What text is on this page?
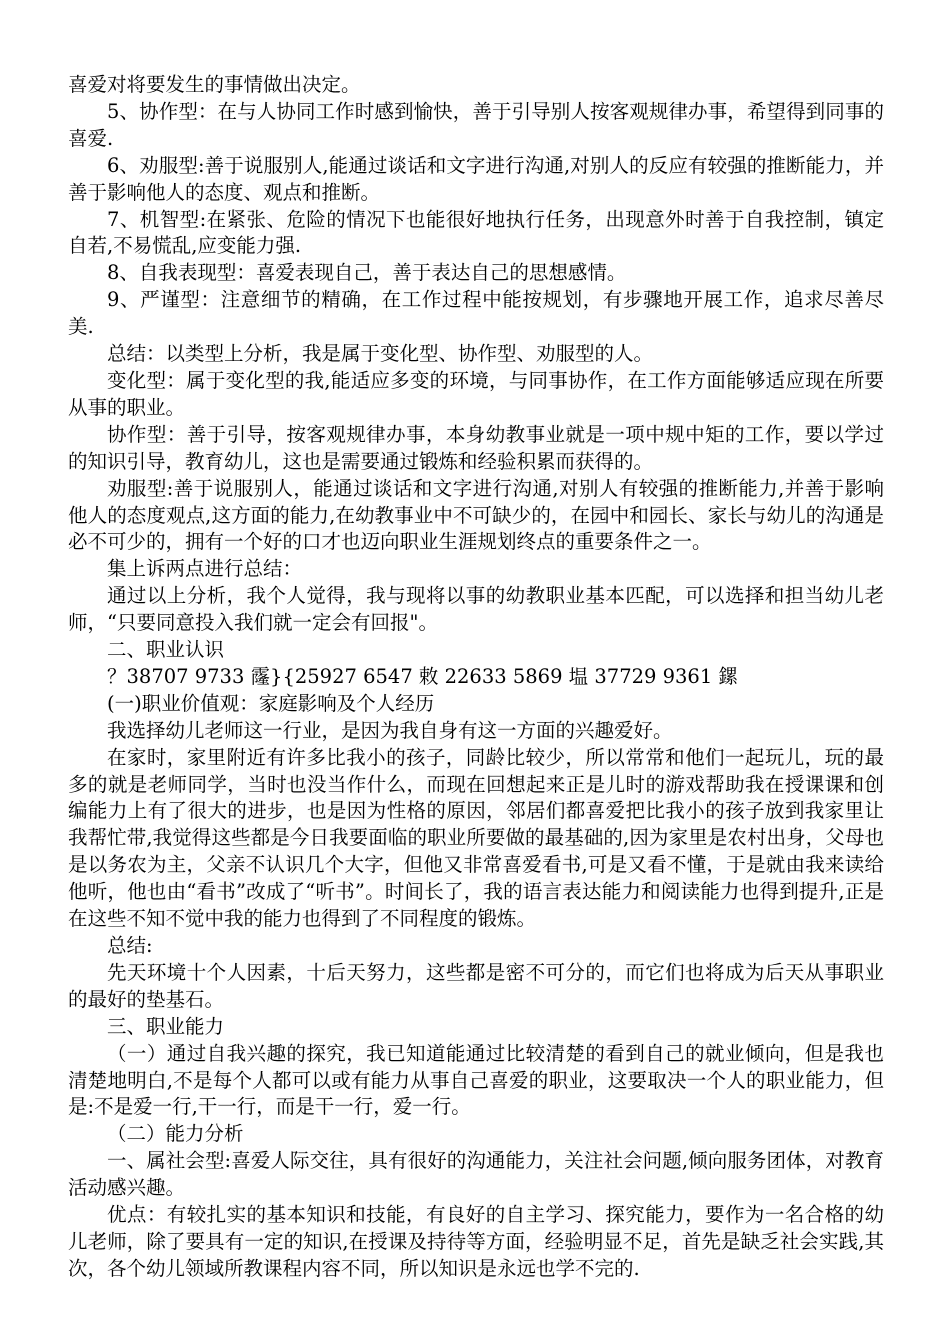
喜爱对将要发生的事情做出决定。

5、协作型：在与人协同工作时感到愉快，善于引导别人按客观规律办事，希望得到同事的喜爱.

6、劝服型:善于说服别人,能通过谈话和文字进行沟通,对别人的反应有较强的推断能力，并善于影响他人的态度、观点和推断。

7、机智型:在紧张、危险的情况下也能很好地执行任务，出现意外时善于自我控制，镇定自若,不易慌乱,应变能力强.

8、自我表现型：喜爱表现自己，善于表达自己的思想感情。

9、严谨型：注意细节的精确，在工作过程中能按规划，有步骤地开展工作，追求尽善尽美.

总结：以类型上分析，我是属于变化型、协作型、劝服型的人。

变化型：属于变化型的我,能适应多变的环境，与同事协作，在工作方面能够适应现在所要从事的职业。

协作型：善于引导，按客观规律办事，本身幼教事业就是一项中规中矩的工作，要以学过的知识引导，教育幼儿，这也是需要通过锻炼和经验积累而获得的。

劝服型:善于说服别人，能通过谈话和文字进行沟通,对别人有较强的推断能力,并善于影响他人的态度观点,这方面的能力,在幼教事业中不可缺少的，在园中和园长、家长与幼儿的沟通是必不可少的，拥有一个好的口才也迈向职业生涯规划终点的重要条件之一。

集上诉两点进行总结：

通过以上分析，我个人觉得，我与现将以事的幼教职业基本匹配，可以选择和担当幼儿老师，“只要同意投入我们就一定会有回报"。

二、职业认识

？38707 9733 霳}{25927 6547 敕 22633 5869 塭 37729 9361 鏍

(一)职业价值观：家庭影响及个人经历

我选择幼儿老师这一行业，是因为我自身有这一方面的兴趣爱好。

在家时，家里附近有许多比我小的孩子，同龄比较少，所以常常和他们一起玩儿，玩的最多的就是老师同学，当时也没当作什么，而现在回想起来正是儿时的游戏帮助我在授课课和创编能力上有了很大的进步，也是因为性格的原因，邻居们都喜爱把比我小的孩子放到我家里让我帮忙带,我觉得这些都是今日我要面临的职业所要做的最基础的,因为家里是农村出身，父母也是以务农为主，父亲不认识几个大字，但他又非常喜爱看书,可是又看不懂，于是就由我来读给他听，他也由“看书”改成了“听书”。时间长了，我的语言表达能力和阅读能力也得到提升,正是在这些不知不觉中我的能力也得到了不同程度的锻炼。

总结:

先天环境十个人因素，十后天努力，这些都是密不可分的，而它们也将成为后天从事职业的最好的垫基石。

三、职业能力

（一）通过自我兴趣的探究，我已知道能通过比较清楚的看到自己的就业倾向，但是我也清楚地明白,不是每个人都可以或有能力从事自己喜爱的职业，这要取决一个人的职业能力，但是:不是爱一行,干一行，而是干一行，爱一行。

（二）能力分析

一、属社会型:喜爱人际交往，具有很好的沟通能力，关注社会问题,倾向服务团体，对教育活动感兴趣。

优点：有较扎实的基本知识和技能，有良好的自主学习、探究能力，要作为一名合格的幼儿老师，除了要具有一定的知识,在授课及持待等方面，经验明显不足，首先是缺乏社会实践,其次，各个幼儿领域所教课程内容不同，所以知识是永远也学不完的.
